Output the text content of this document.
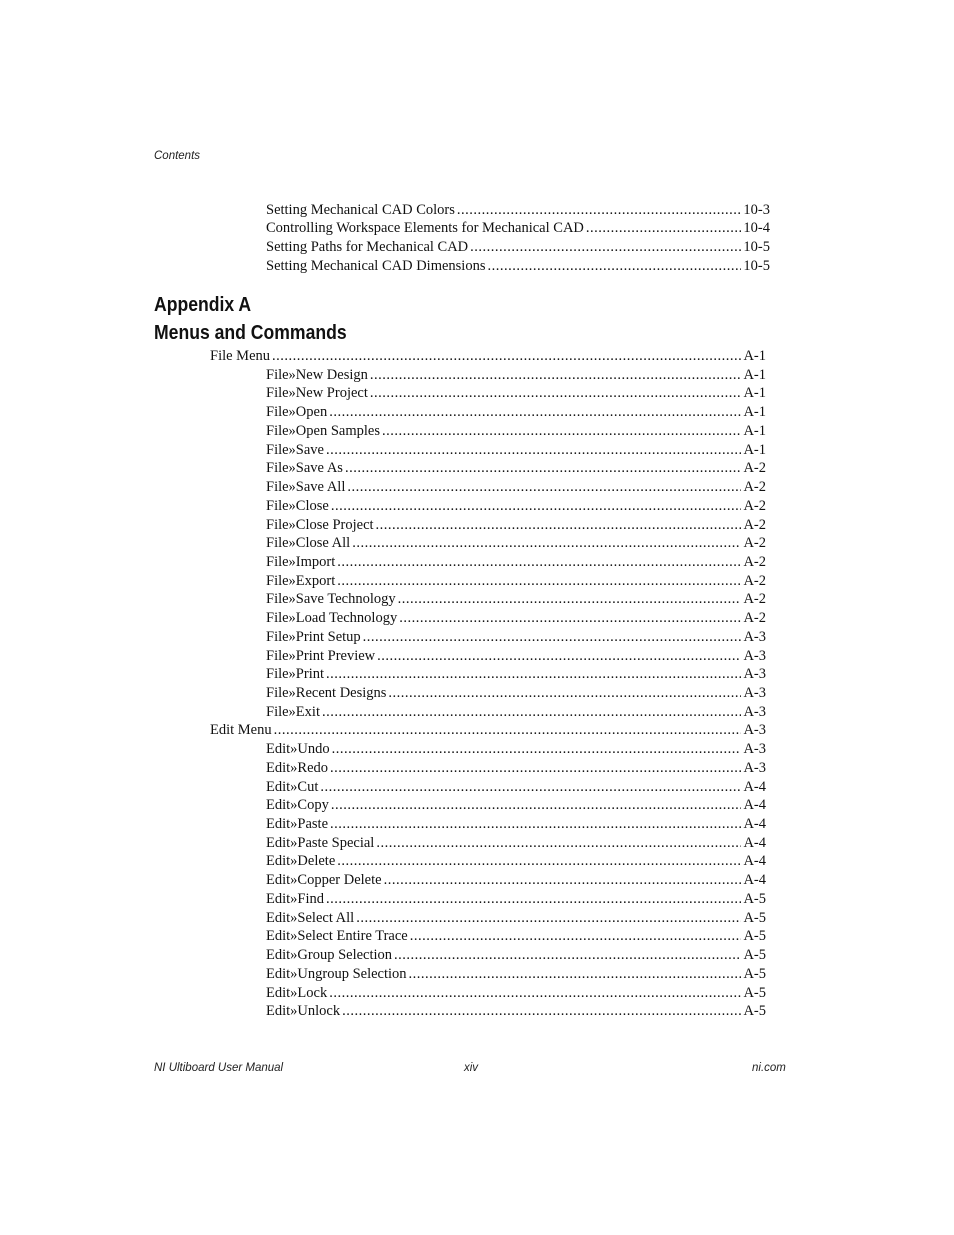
Contents
Setting Mechanical CAD Colors .....	10-3
Controlling Workspace Elements for Mechanical CAD .....	10-4
Setting Paths for Mechanical CAD .....	10-5
Setting Mechanical CAD Dimensions .....	10-5
Appendix A
Menus and Commands
File Menu .....	A-1
File»New Design .....	A-1
File»New Project .....	A-1
File»Open .....	A-1
File»Open Samples .....	A-1
File»Save .....	A-1
File»Save As .....	A-2
File»Save All .....	A-2
File»Close .....	A-2
File»Close Project .....	A-2
File»Close All .....	A-2
File»Import .....	A-2
File»Export .....	A-2
File»Save Technology .....	A-2
File»Load Technology .....	A-2
File»Print Setup .....	A-3
File»Print Preview .....	A-3
File»Print .....	A-3
File»Recent Designs .....	A-3
File»Exit .....	A-3
Edit Menu .....	A-3
Edit»Undo .....	A-3
Edit»Redo .....	A-3
Edit»Cut .....	A-4
Edit»Copy .....	A-4
Edit»Paste .....	A-4
Edit»Paste Special .....	A-4
Edit»Delete .....	A-4
Edit»Copper Delete .....	A-4
Edit»Find .....	A-5
Edit»Select All .....	A-5
Edit»Select Entire Trace .....	A-5
Edit»Group Selection .....	A-5
Edit»Ungroup Selection .....	A-5
Edit»Lock .....	A-5
Edit»Unlock .....	A-5
NI Ultiboard User Manual	xiv	ni.com
